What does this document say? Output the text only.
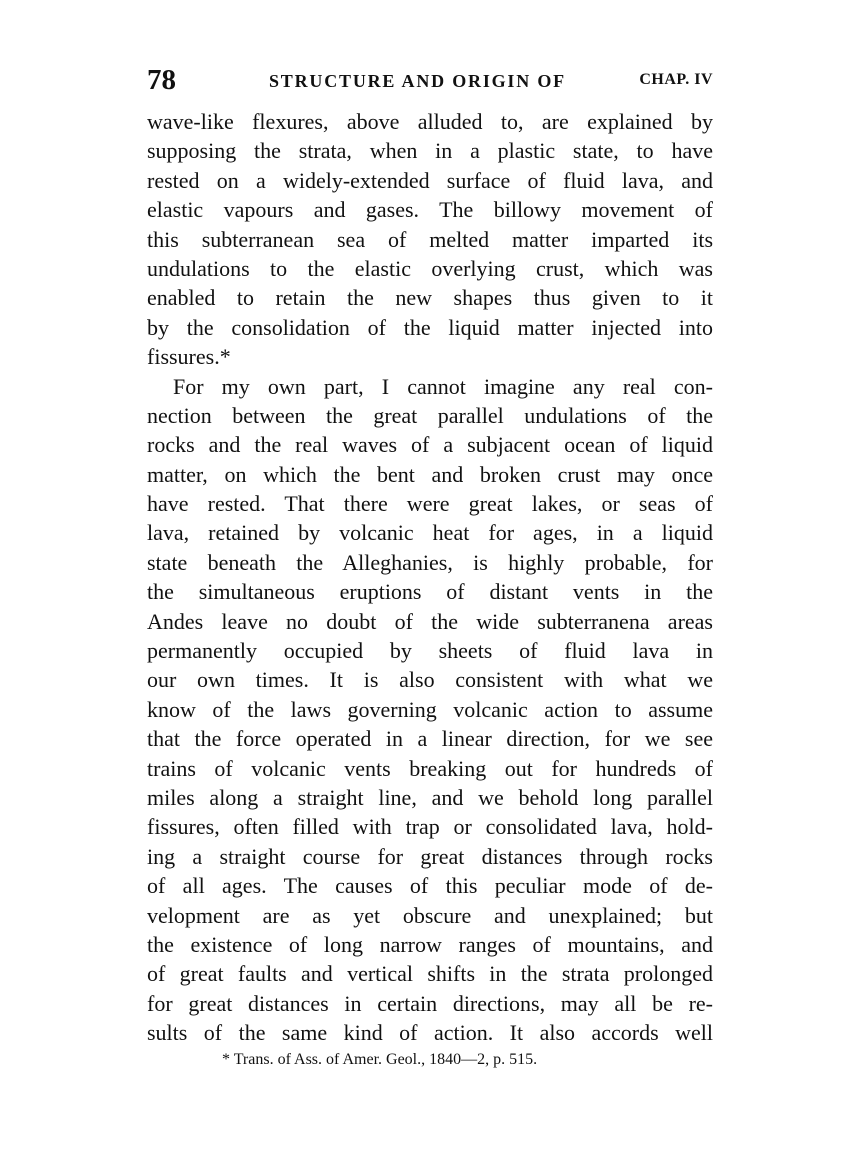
78	STRUCTURE AND ORIGIN OF	CHAP. IV
wave-like flexures, above alluded to, are explained by
supposing the strata, when in a plastic state, to have
rested on a widely-extended surface of fluid lava, and
elastic vapours and gases. The billowy movement of
this subterranean sea of melted matter imparted its
undulations to the elastic overlying crust, which was
enabled to retain the new shapes thus given to it
by the consolidation of the liquid matter injected into
fissures.*
For my own part, I cannot imagine any real con-
nection between the great parallel undulations of the
rocks and the real waves of a subjacent ocean of liquid
matter, on which the bent and broken crust may once
have rested. That there were great lakes, or seas of
lava, retained by volcanic heat for ages, in a liquid
state beneath the Alleghanies, is highly probable, for
the simultaneous eruptions of distant vents in the
Andes leave no doubt of the wide subterranena areas
permanently occupied by sheets of fluid lava in
our own times. It is also consistent with what we
know of the laws governing volcanic action to assume
that the force operated in a linear direction, for we see
trains of volcanic vents breaking out for hundreds of
miles along a straight line, and we behold long parallel
fissures, often filled with trap or consolidated lava, hold-
ing a straight course for great distances through rocks
of all ages. The causes of this peculiar mode of de-
velopment are as yet obscure and unexplained; but
the existence of long narrow ranges of mountains, and
of great faults and vertical shifts in the strata prolonged
for great distances in certain directions, may all be re-
sults of the same kind of action. It also accords well
* Trans. of Ass. of Amer. Geol., 1840—2, p. 515.
